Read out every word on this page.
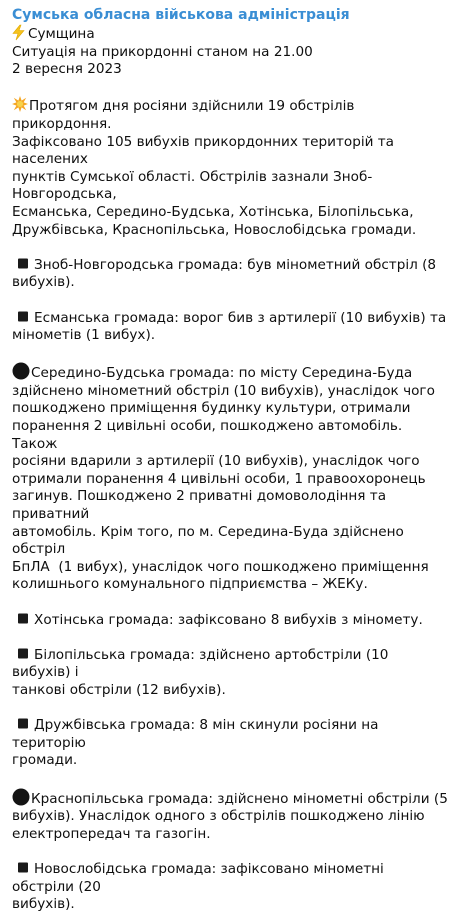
Сумська обласна військова адміністрація
Сумщина
Ситуація на прикордонні станом на 21.00
2 вересня 2023
Протягом дня росіяни здійснили 19 обстрілів прикордоння.
Зафіксовано 105 вибухів прикордонних територій та населених
пунктів Сумської області. Обстрілів зазнали Зноб-Новгородська,
Есманська, Середино-Будська, Хотінська, Білопільська,
Дружбівська, Краснопільська, Новослобідська громади.
Зноб-Новгородська громада: був мінометний обстріл (8
вибухів).
Есманська громада: ворог бив з артилерії (10 вибухів) та
мінометів (1 вибух).
Середино-Будська громада: по місту Середина-Буда
здійснено мінометний обстріл (10 вибухів), унаслідок чого
пошкоджено приміщення будинку культури, отримали
поранення 2 цивільні особи, пошкоджено автомобіль. Також
росіяни вдарили з артилерії (10 вибухів), унаслідок чого
отримали поранення 4 цивільні особи, 1 правоохоронець
загинув. Пошкоджено 2 приватні домоволодіння та приватний
автомобіль. Крім того, по м. Середина-Буда здійснено обстріл
БпЛА  (1 вибух), унаслідок чого пошкоджено приміщення
колишнього комунального підприємства – ЖЕКу.
Хотінська громада: зафіксовано 8 вибухів з міномету.
Білопільська громада: здійснено артобстріли (10 вибухів) і
танкові обстріли (12 вибухів).
Дружбівська громада: 8 мін скинули росіяни на територію
громади.
Краснопільська громада: здійснено мінометні обстріли (5
вибухів). Унаслідок одного з обстрілів пошкоджено лінію
електропередач та газогін.
Новослобідська громада: зафіксовано мінометні обстріли (20
вибухів).
